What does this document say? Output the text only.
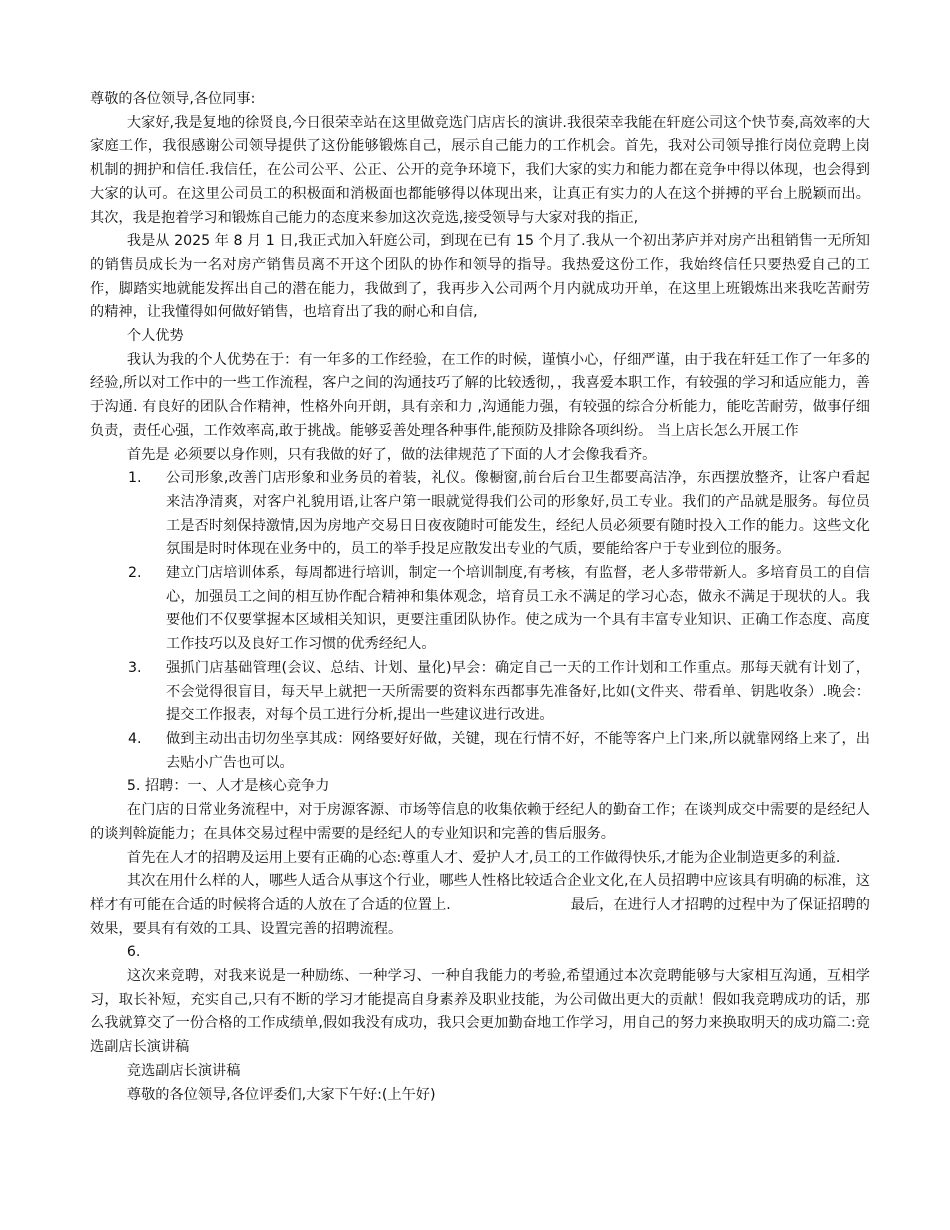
尊敬的各位领导,各位同事:

大家好,我是复地的徐贤良,今日很荣幸站在这里做竞选门店店长的演讲.我很荣幸我能在轩庭公司这个快节奏,高效率的大家庭工作，我很感谢公司领导提供了这份能够锻炼自己，展示自己能力的工作机会。首先，我对公司领导推行岗位竞聘上岗机制的拥护和信任.我信任，在公司公平、公正、公开的竞争环境下，我们大家的实力和能力都在竞争中得以体现，也会得到大家的认可。在这里公司员工的积极面和消极面也都能够得以体现出来，让真正有实力的人在这个拼搏的平台上脱颖而出。其次，我是抱着学习和锻炼自己能力的态度来参加这次竞选,接受领导与大家对我的指正,

我是从 2025 年 8 月 1 日,我正式加入轩庭公司，到现在已有 15 个月了.我从一个初出茅庐并对房产出租销售一无所知的销售员成长为一名对房产销售员离不开这个团队的协作和领导的指导。我热爱这份工作，我始终信任只要热爱自己的工作，脚踏实地就能发挥出自己的潜在能力，我做到了，我再步入公司两个月内就成功开单，在这里上班锻炼出来我吃苦耐劳的精神，让我懂得如何做好销售，也培育出了我的耐心和自信,

个人优势

我认为我的个人优势在于：有一年多的工作经验，在工作的时候，谨慎小心，仔细严谨，由于我在轩廷工作了一年多的经验,所以对工作中的一些工作流程，客户之间的沟通技巧了解的比较透彻，，我喜爱本职工作，有较强的学习和适应能力，善于沟通. 有良好的团队合作精神，性格外向开朗，具有亲和力 ,沟通能力强，有较强的综合分析能力，能吃苦耐劳，做事仔细负责，责任心强，工作效率高,敢于挑战。能够妥善处理各种事件,能预防及排除各项纠纷。 当上店长怎么开展工作

首先是 必须要以身作则，只有我做的好了，做的法律规范了下面的人才会像我看齐。

1. 公司形象,改善门店形象和业务员的着装，礼仪。像橱窗,前台后台卫生都要高洁净，东西摆放整齐，让客户看起来洁净清爽，对客户礼貌用语,让客户第一眼就觉得我们公司的形象好,员工专业。我们的产品就是服务。每位员工是否时刻保持激情,因为房地产交易日日夜夜随时可能发生，经纪人员必须要有随时投入工作的能力。这些文化氛围是时时体现在业务中的，员工的举手投足应散发出专业的气质，要能给客户于专业到位的服务。
2. 建立门店培训体系，每周都进行培训，制定一个培训制度,有考核，有监督，老人多带带新人。多培育员工的自信心，加强员工之间的相互协作配合精神和集体观念，培育员工永不满足的学习心态，做永不满足于现状的人。我要他们不仅要掌握本区域相关知识，更要注重团队协作。使之成为一个具有丰富专业知识、正确工作态度、高度工作技巧以及良好工作习惯的优秀经纪人。
3. 强抓门店基础管理(会议、总结、计划、量化)早会：确定自己一天的工作计划和工作重点。那每天就有计划了，不会觉得很盲目，每天早上就把一天所需要的资料东西都事先准备好,比如(文件夹、带看单、钥匙收条）.晚会：提交工作报表，对每个员工进行分析,提出一些建议进行改进。
4. 做到主动出击切勿坐享其成：网络要好好做，关键，现在行情不好，不能等客户上门来,所以就靠网络上来了，出去贴小广告也可以。

5. 招聘：一、人才是核心竞争力

在门店的日常业务流程中，对于房源客源、市场等信息的收集依赖于经纪人的勤奋工作；在谈判成交中需要的是经纪人的谈判斡旋能力；在具体交易过程中需要的是经纪人的专业知识和完善的售后服务。

首先在人才的招聘及运用上要有正确的心态:尊重人才、爱护人才,员工的工作做得快乐,才能为企业制造更多的利益.

其次在用什么样的人，哪些人适合从事这个行业，哪些人性格比较适合企业文化,在人员招聘中应该具有明确的标准，这样才有可能在合适的时候将合适的人放在了合适的位置上.	最后，在进行人才招聘的过程中为了保证招聘的效果，要具有有效的工具、设置完善的招聘流程。

6.

这次来竞聘，对我来说是一种励练、一种学习、一种自我能力的考验,希望通过本次竞聘能够与大家相互沟通，互相学习，取长补短，充实自己,只有不断的学习才能提高自身素养及职业技能，为公司做出更大的贡献！假如我竞聘成功的话，那么我就算交了一份合格的工作成绩单,假如我没有成功，我只会更加勤奋地工作学习，用自己的努力来换取明天的成功篇二:竞选副店长演讲稿

竞选副店长演讲稿

尊敬的各位领导,各位评委们,大家下午好:(上午好)
